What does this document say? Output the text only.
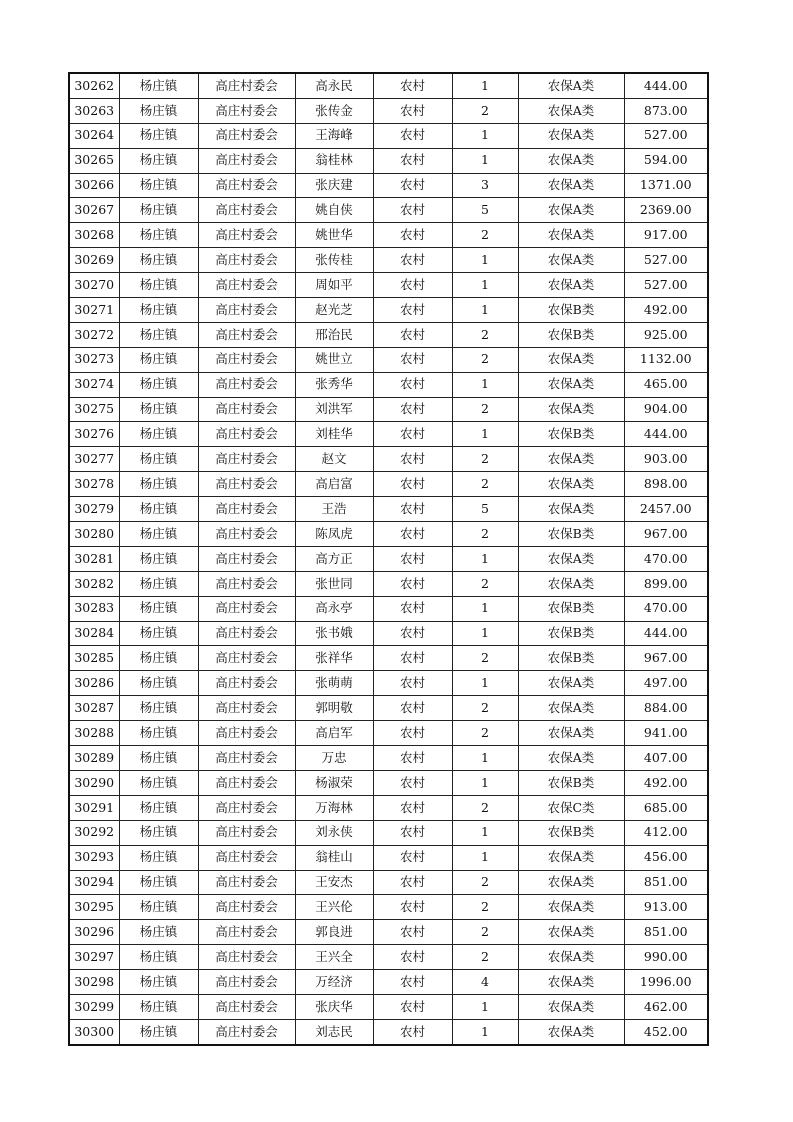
30262	杨庄镇	高庄村委会	高永民	农村	1	农保A类	444.00
30263	杨庄镇	高庄村委会	张传金	农村	2	农保A类	873.00
30264	杨庄镇	高庄村委会	王海峰	农村	1	农保A类	527.00
30265	杨庄镇	高庄村委会	翁桂林	农村	1	农保A类	594.00
30266	杨庄镇	高庄村委会	张庆建	农村	3	农保A类	1371.00
30267	杨庄镇	高庄村委会	姚自侠	农村	5	农保A类	2369.00
30268	杨庄镇	高庄村委会	姚世华	农村	2	农保A类	917.00
30269	杨庄镇	高庄村委会	张传桂	农村	1	农保A类	527.00
30270	杨庄镇	高庄村委会	周如平	农村	1	农保A类	527.00
30271	杨庄镇	高庄村委会	赵光芝	农村	1	农保B类	492.00
30272	杨庄镇	高庄村委会	邢治民	农村	2	农保B类	925.00
30273	杨庄镇	高庄村委会	姚世立	农村	2	农保A类	1132.00
30274	杨庄镇	高庄村委会	张秀华	农村	1	农保A类	465.00
30275	杨庄镇	高庄村委会	刘洪军	农村	2	农保A类	904.00
30276	杨庄镇	高庄村委会	刘桂华	农村	1	农保B类	444.00
30277	杨庄镇	高庄村委会	赵文	农村	2	农保A类	903.00
30278	杨庄镇	高庄村委会	高启富	农村	2	农保A类	898.00
30279	杨庄镇	高庄村委会	王浩	农村	5	农保A类	2457.00
30280	杨庄镇	高庄村委会	陈凤虎	农村	2	农保B类	967.00
30281	杨庄镇	高庄村委会	高方正	农村	1	农保A类	470.00
30282	杨庄镇	高庄村委会	张世同	农村	2	农保A类	899.00
30283	杨庄镇	高庄村委会	高永亭	农村	1	农保B类	470.00
30284	杨庄镇	高庄村委会	张书娥	农村	1	农保B类	444.00
30285	杨庄镇	高庄村委会	张祥华	农村	2	农保B类	967.00
30286	杨庄镇	高庄村委会	张萌萌	农村	1	农保A类	497.00
30287	杨庄镇	高庄村委会	郭明敬	农村	2	农保A类	884.00
30288	杨庄镇	高庄村委会	高启军	农村	2	农保A类	941.00
30289	杨庄镇	高庄村委会	万忠	农村	1	农保A类	407.00
30290	杨庄镇	高庄村委会	杨淑荣	农村	1	农保B类	492.00
30291	杨庄镇	高庄村委会	万海林	农村	2	农保C类	685.00
30292	杨庄镇	高庄村委会	刘永侠	农村	1	农保B类	412.00
30293	杨庄镇	高庄村委会	翁桂山	农村	1	农保A类	456.00
30294	杨庄镇	高庄村委会	王安杰	农村	2	农保A类	851.00
30295	杨庄镇	高庄村委会	王兴伦	农村	2	农保A类	913.00
30296	杨庄镇	高庄村委会	郭良进	农村	2	农保A类	851.00
30297	杨庄镇	高庄村委会	王兴全	农村	2	农保A类	990.00
30298	杨庄镇	高庄村委会	万经济	农村	4	农保A类	1996.00
30299	杨庄镇	高庄村委会	张庆华	农村	1	农保A类	462.00
30300	杨庄镇	高庄村委会	刘志民	农村	1	农保A类	452.00
